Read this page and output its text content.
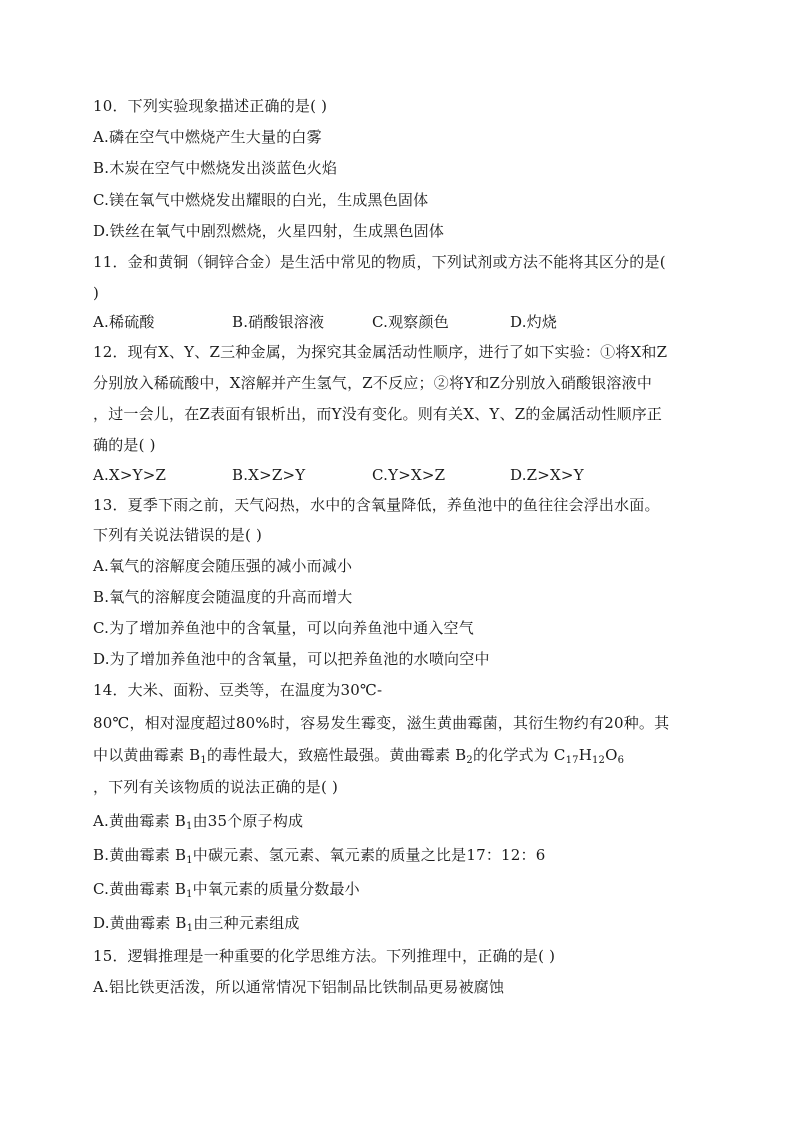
10．下列实验现象描述正确的是( )
A.磷在空气中燃烧产生大量的白雾
B.木炭在空气中燃烧发出淡蓝色火焰
C.镁在氧气中燃烧发出耀眼的白光，生成黑色固体
D.铁丝在氧气中剧烈燃烧，火星四射，生成黑色固体
11．金和黄铜（铜锌合金）是生活中常见的物质，下列试剂或方法不能将其区分的是(
)
A.稀硫酸	B.硝酸银溶液	C.观察颜色	D.灼烧
12．现有X、Y、Z三种金属，为探究其金属活动性顺序，进行了如下实验：①将X和Z
分别放入稀硫酸中，X溶解并产生氢气，Z不反应；②将Y和Z分别放入硝酸银溶液中
，过一会儿，在Z表面有银析出，而Y没有变化。则有关X、Y、Z的金属活动性顺序正
确的是( )
A.X>Y>Z	B.X>Z>Y	C.Y>X>Z	D.Z>X>Y
13．夏季下雨之前，天气闷热，水中的含氧量降低，养鱼池中的鱼往往会浮出水面。
下列有关说法错误的是( )
A.氧气的溶解度会随压强的减小而减小
B.氧气的溶解度会随温度的升高而增大
C.为了增加养鱼池中的含氧量，可以向养鱼池中通入空气
D.为了增加养鱼池中的含氧量，可以把养鱼池的水喷向空中
14．大米、面粉、豆类等，在温度为30℃-
80℃，相对湿度超过80%时，容易发生霉变，滋生黄曲霉菌，其衍生物约有20种。其
中以黄曲霉素 $B_1$的毒性最大，致癌性最强。黄曲霉素 $B_2$的化学式为 $C_{17}H_{12}O_6$
，下列有关该物质的说法正确的是( )
A.黄曲霉素 $B_1$由35个原子构成
B.黄曲霉素 $B_1$中碳元素、氢元素、氧元素的质量之比是17：12：6
C.黄曲霉素 $B_1$中氧元素的质量分数最小
D.黄曲霉素 $B_1$由三种元素组成
15．逻辑推理是一种重要的化学思维方法。下列推理中，正确的是( )
A.铝比铁更活泼，所以通常情况下铝制品比铁制品更易被腐蚀
